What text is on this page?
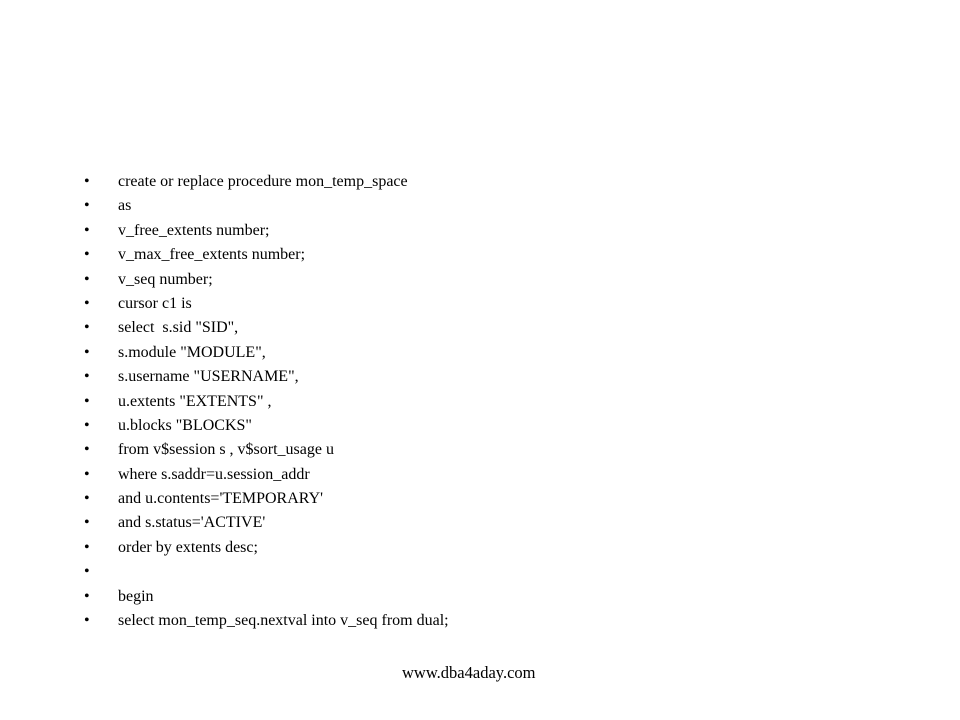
•	create or replace procedure mon_temp_space
•	as
•	v_free_extents number;
•	v_max_free_extents number;
•	v_seq number;
•	cursor c1 is
•	select  s.sid "SID",
•	s.module "MODULE",
•	s.username "USERNAME",
•	u.extents "EXTENTS" ,
•	u.blocks "BLOCKS"
•	from v$session s , v$sort_usage u
•	where s.saddr=u.session_addr
•	and u.contents='TEMPORARY'
•	and s.status='ACTIVE'
•	order by extents desc;
•
•	begin
•	select mon_temp_seq.nextval into v_seq from dual;
www.dba4aday.com
